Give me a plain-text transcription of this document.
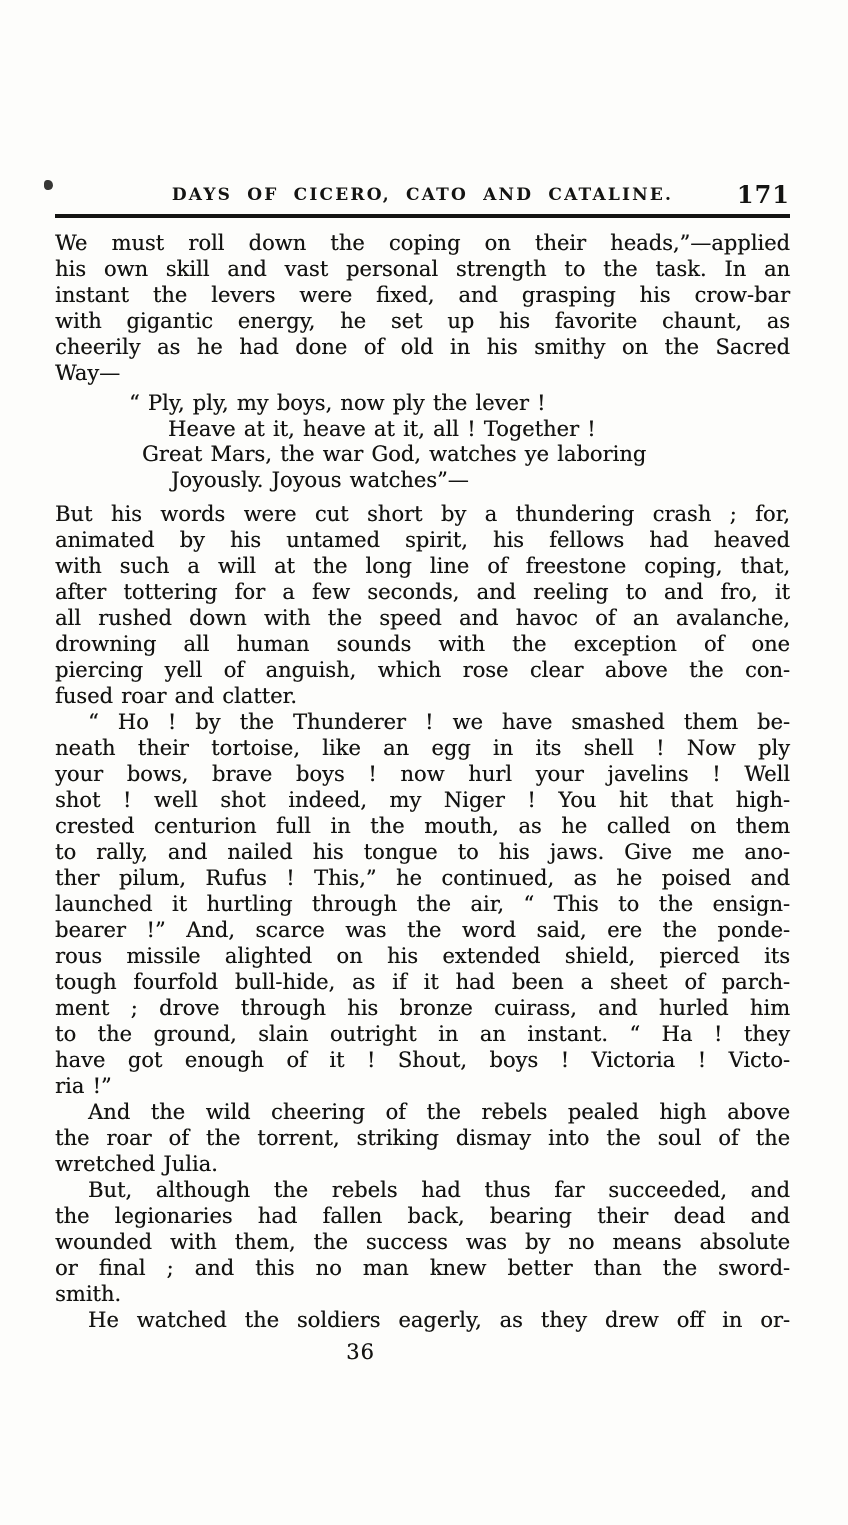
DAYS OF CICERO, CATO AND CATALINE.	171
We must roll down the coping on their heads,”—applied
his own skill and vast personal strength to the task. In an
instant the levers were fixed, and grasping his crow-bar
with gigantic energy, he set up his favorite chaunt, as
cheerily as he had done of old in his smithy on the Sacred
Way—
“ Ply, ply, my boys, now ply the lever !
Heave at it, heave at it, all ! Together !
Great Mars, the war God, watches ye laboring
Joyously. Joyous watches”—
But his words were cut short by a thundering crash ; for,
animated by his untamed spirit, his fellows had heaved
with such a will at the long line of freestone coping, that,
after tottering for a few seconds, and reeling to and fro, it
all rushed down with the speed and havoc of an avalanche,
drowning all human sounds with the exception of one
piercing yell of anguish, which rose clear above the con-
fused roar and clatter.
“ Ho ! by the Thunderer ! we have smashed them be-
neath their tortoise, like an egg in its shell ! Now ply
your bows, brave boys ! now hurl your javelins ! Well
shot ! well shot indeed, my Niger ! You hit that high-
crested centurion full in the mouth, as he called on them
to rally, and nailed his tongue to his jaws. Give me ano-
ther pilum, Rufus ! This,” he continued, as he poised and
launched it hurtling through the air, “ This to the ensign-
bearer !” And, scarce was the word said, ere the ponde-
rous missile alighted on his extended shield, pierced its
tough fourfold bull-hide, as if it had been a sheet of parch-
ment ; drove through his bronze cuirass, and hurled him
to the ground, slain outright in an instant. “ Ha ! they
have got enough of it ! Shout, boys ! Victoria ! Victo-
ria !”
And the wild cheering of the rebels pealed high above
the roar of the torrent, striking dismay into the soul of the
wretched Julia.
But, although the rebels had thus far succeeded, and
the legionaries had fallen back, bearing their dead and
wounded with them, the success was by no means absolute
or final ; and this no man knew better than the sword-
smith.
He watched the soldiers eagerly, as they drew off in or-
36
